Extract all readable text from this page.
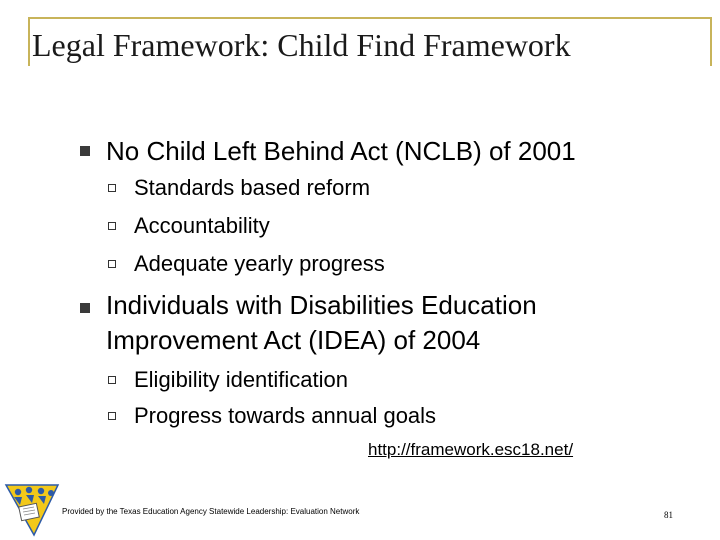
Legal Framework: Child Find Framework
No Child Left Behind Act (NCLB) of 2001
Standards based reform
Accountability
Adequate yearly progress
Individuals with Disabilities Education
Improvement Act (IDEA) of 2004
Eligibility identification
Progress towards annual goals
http://framework.esc18.net/
Provided by the Texas Education Agency Statewide Leadership: Evaluation Network	81
